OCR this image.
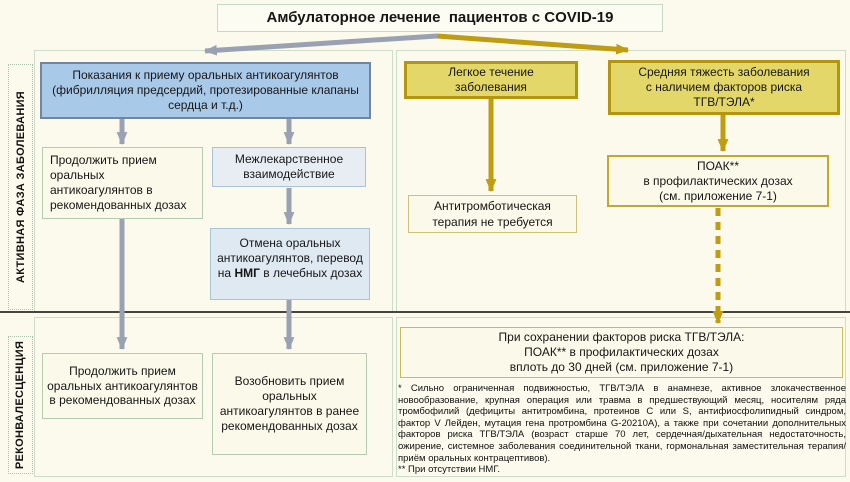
Амбулаторное лечение  пациентов с COVID-19
АКТИВНАЯ ФАЗА ЗАБОЛЕВАНИЯ
РЕКОНВАЛЕСЦЕНЦИЯ
Показания к приему оральных антикоагулянтов (фибрилляция предсердий, протезированные клапаны сердца и т.д.)
Продолжить прием оральных антикоагулянтов в рекомендованных дозах
Межлекарственное взаимодействие
Отмена оральных антикоагулянтов, перевод на НМГ в лечебных дозах
Продолжить прием оральных антикоагулянтов в рекомендованных дозах
Возобновить прием оральных антикоагулянтов в ранее рекомендованных дозах
Легкое течение
заболевания
Средняя тяжесть заболевания
с наличием факторов риска
ТГВ/ТЭЛА*
Антитромботическая
терапия не требуется
ПОАК**
в профилактических дозах
(см. приложение 7-1)
При сохранении факторов риска ТГВ/ТЭЛА:
ПОАК** в профилактических дозах
вплоть до 30 дней (см. приложение 7-1)

* Сильно ограниченная подвижностью, ТГВ/ТЭЛА в анамнезе, активное злокачественное новообразование, крупная операция или травма в предшествующий месяц, носителям ряда тромбофилий (дефициты антитромбина, протеинов С или S, антифиосфолипидный синдром, фактор V Лейден, мутация гена протромбина G-20210A), а также при сочетании дополнительных факторов риска ТГВ/ТЭЛА (возраст старше 70 лет, сердечная/дыхательная недостаточность, ожирение, системное заболевания соединительной ткани, гормональная заместительная терапия/приём оральных контрацептивов).

** При отсутствии НМГ.
